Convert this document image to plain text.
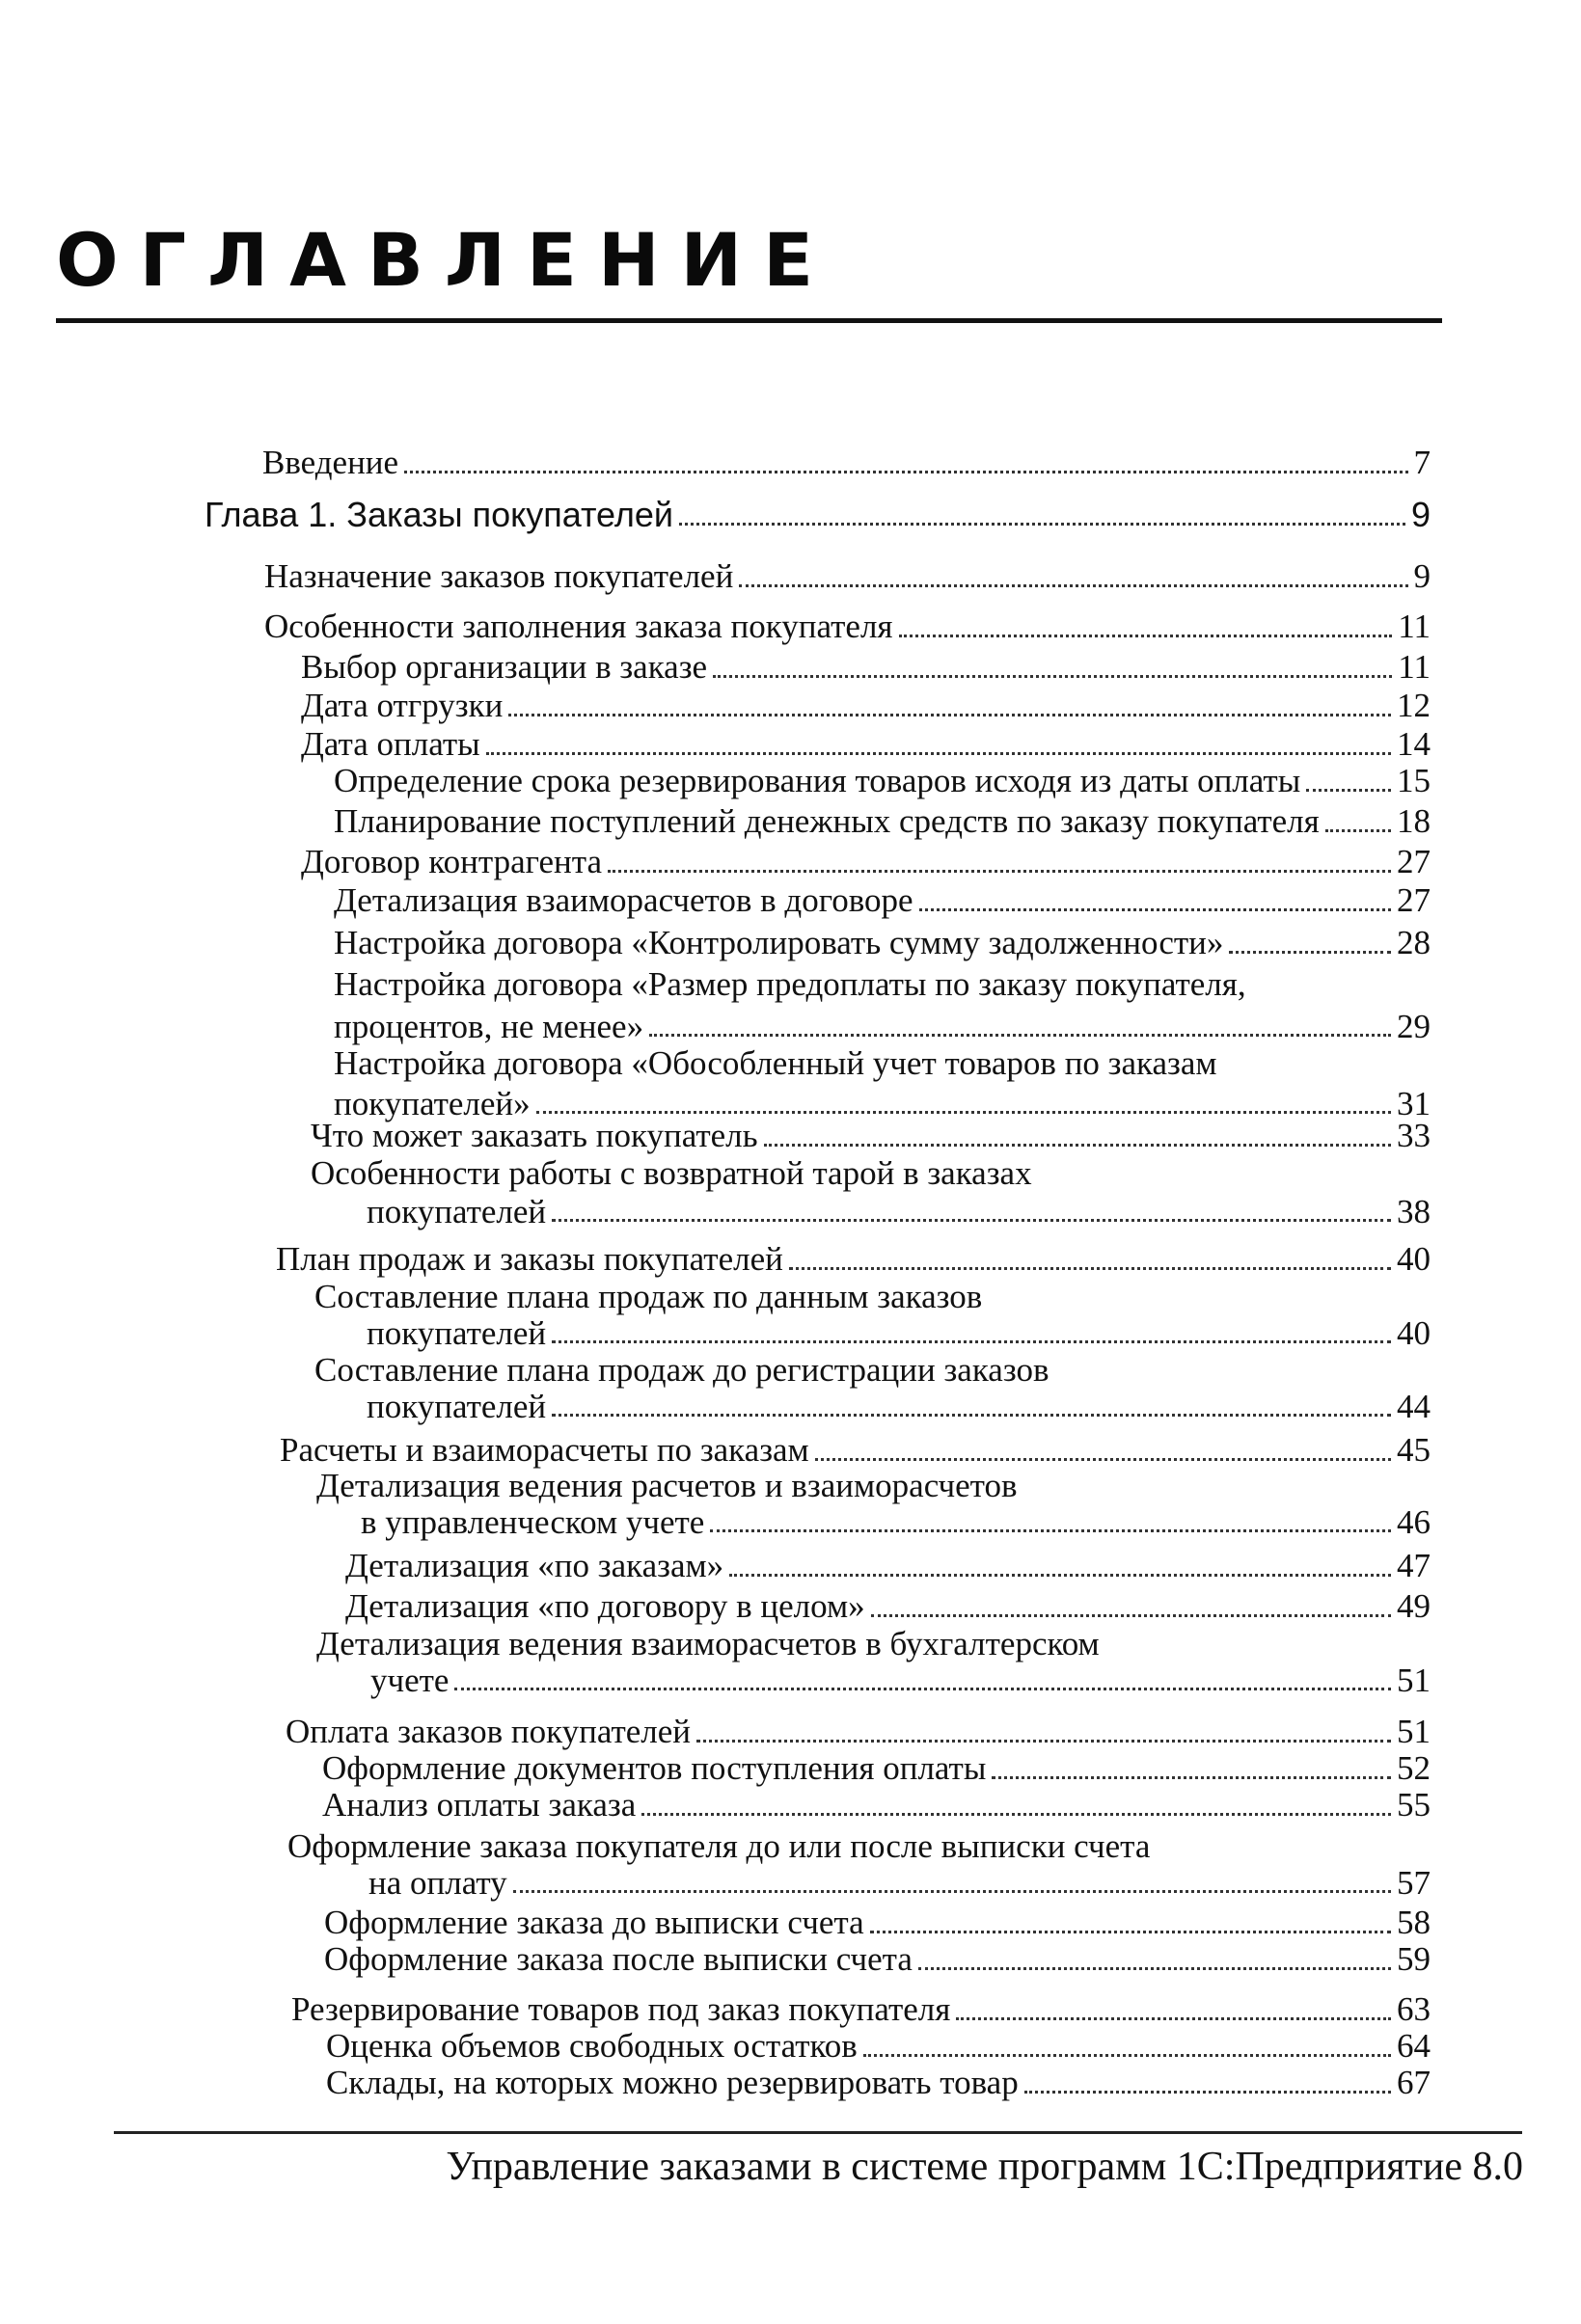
ОГЛАВЛЕНИЕ
Введение	7
Глава 1. Заказы покупателей	9
Назначение заказов покупателей	9
Особенности заполнения заказа покупателя	11
Выбор организации в заказе	11
Дата отгрузки	12
Дата оплаты	14
Определение срока резервирования товаров исходя из даты оплаты	15
Планирование поступлений денежных средств по заказу покупателя 18
Договор контрагента	27
Детализация взаиморасчетов в договоре	27
Настройка договора «Контролировать сумму задолженности»	28
Настройка договора «Размер предоплаты по заказу покупателя,
процентов, не менее»	29
Настройка договора «Обособленный учет товаров по заказам
покупателей»	31
Что может заказать покупатель	33
Особенности работы с возвратной тарой в заказах
покупателей	38
План продаж и заказы покупателей	40
Составление плана продаж по данным заказов
покупателей	40
Составление плана продаж до регистрации заказов
покупателей	44
Расчеты и взаиморасчеты по заказам	45
Детализация ведения расчетов и взаиморасчетов
в управленческом учете	46
Детализация «по заказам»	47
Детализация «по договору в целом»	49
Детализация ведения взаиморасчетов в бухгалтерском
учете	51
Оплата заказов покупателей	51
Оформление документов поступления оплаты	52
Анализ оплаты заказа	55
Оформление заказа покупателя до или после выписки счета
на оплату	57
Оформление заказа до выписки счета	58
Оформление заказа после выписки счета	59
Резервирование товаров под заказ покупателя	63
Оценка объемов свободных остатков	64
Склады, на которых можно резервировать товар	67
Управление заказами в системе программ 1С:Предприятие 8.0
